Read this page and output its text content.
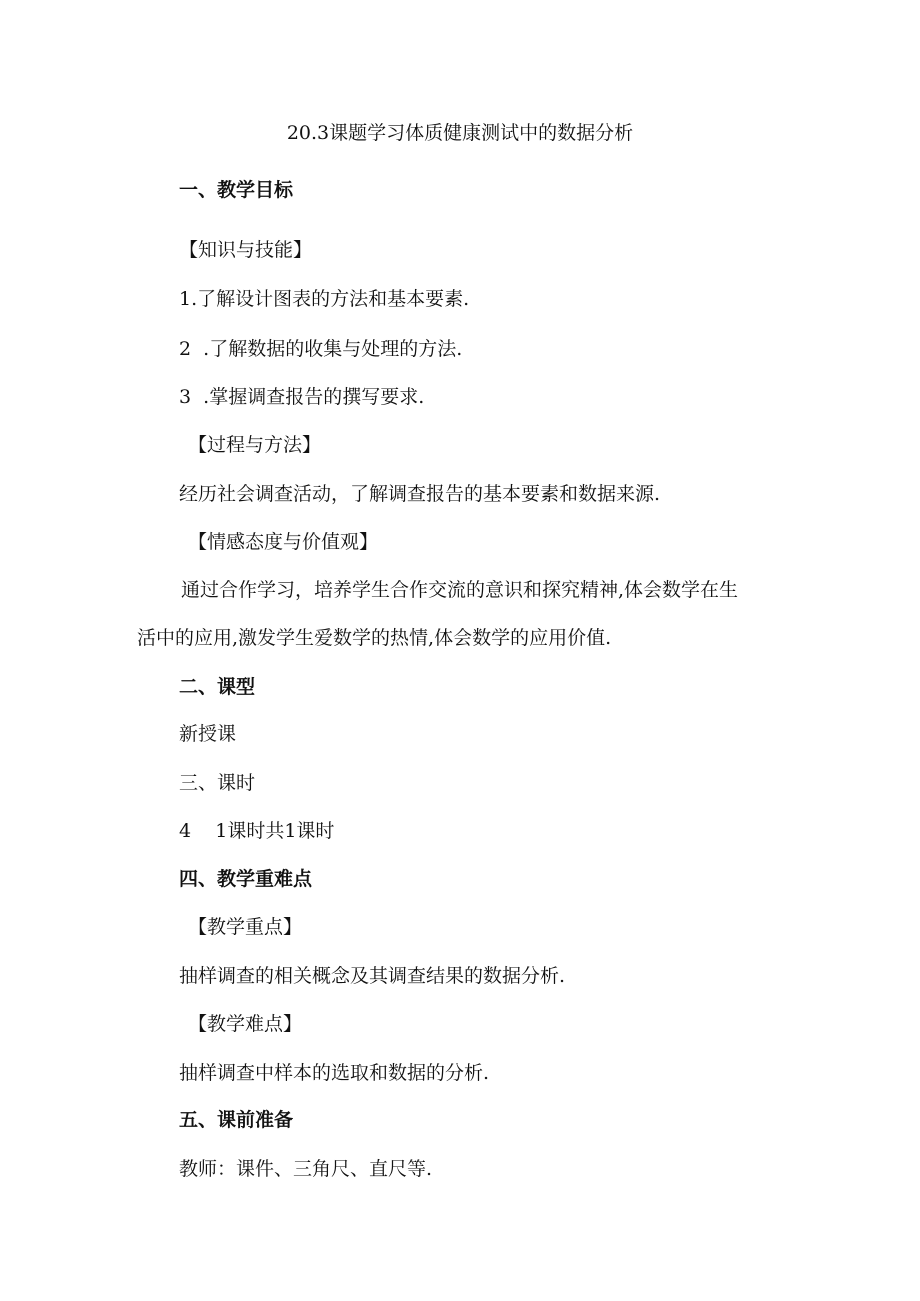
20.3课题学习体质健康测试中的数据分析
一、教学目标
【知识与技能】
1.了解设计图表的方法和基本要素.
2  .了解数据的收集与处理的方法.
3  .掌握调查报告的撰写要求.
【过程与方法】
经历社会调查活动，了解调查报告的基本要素和数据来源.
【情感态度与价值观】
通过合作学习，培养学生合作交流的意识和探究精神,体会数学在生
活中的应用,激发学生爱数学的热情,体会数学的应用价值.
二、课型
新授课
三、课时
4    1课时共1课时
四、教学重难点
【教学重点】
抽样调查的相关概念及其调查结果的数据分析.
【教学难点】
抽样调查中样本的选取和数据的分析.
五、课前准备
教师：课件、三角尺、直尺等.
